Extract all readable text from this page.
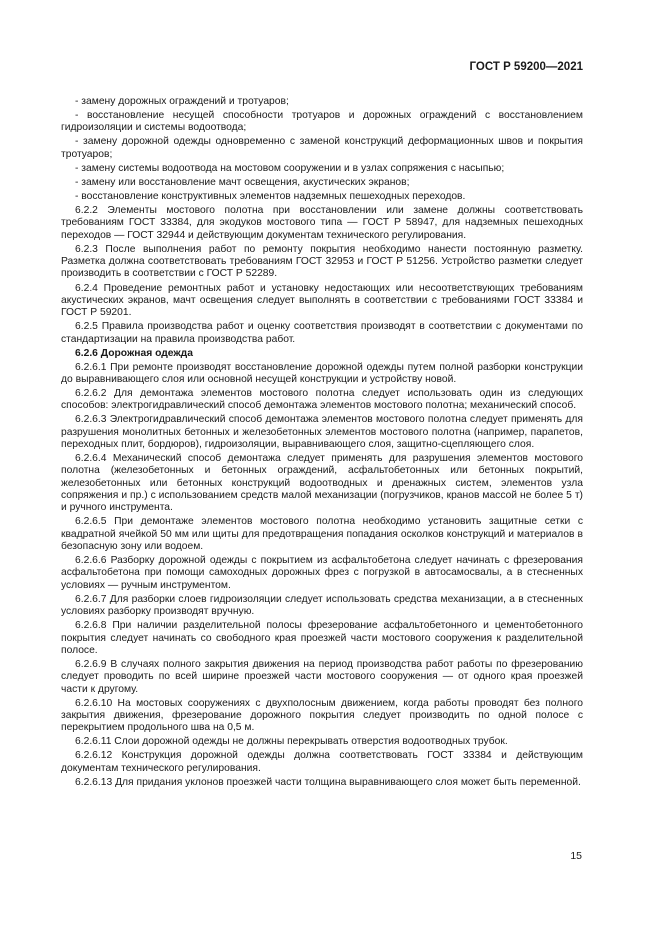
ГОСТ Р 59200—2021

- замену дорожных ограждений и тротуаров;

- восстановление несущей способности тротуаров и дорожных ограждений с восстановлением гидроизоляции и системы водоотвода;

- замену дорожной одежды одновременно с заменой конструкций деформационных швов и покрытия тротуаров;

- замену системы водоотвода на мостовом сооружении и в узлах сопряжения с насыпью;

- замену или восстановление мачт освещения, акустических экранов;

- восстановление конструктивных элементов надземных пешеходных переходов.

6.2.2 Элементы мостового полотна при восстановлении или замене должны соответствовать требованиям ГОСТ 33384, для экодуков мостового типа — ГОСТ Р 58947, для надземных пешеходных переходов — ГОСТ 32944 и действующим документам технического регулирования.

6.2.3 После выполнения работ по ремонту покрытия необходимо нанести постоянную разметку. Разметка должна соответствовать требованиям ГОСТ 32953 и ГОСТ Р 51256. Устройство разметки следует производить в соответствии с ГОСТ Р 52289.

6.2.4 Проведение ремонтных работ и установку недостающих или несоответствующих требованиям акустических экранов, мачт освещения следует выполнять в соответствии с требованиями ГОСТ 33384 и ГОСТ Р 59201.

6.2.5 Правила производства работ и оценку соответствия производят в соответствии с документами по стандартизации на правила производства работ.

6.2.6 Дорожная одежда

6.2.6.1 При ремонте производят восстановление дорожной одежды путем полной разборки конструкции до выравнивающего слоя или основной несущей конструкции и устройству новой.

6.2.6.2 Для демонтажа элементов мостового полотна следует использовать один из следующих способов: электрогидравлический способ демонтажа элементов мостового полотна; механический способ.

6.2.6.3 Электрогидравлический способ демонтажа элементов мостового полотна следует применять для разрушения монолитных бетонных и железобетонных элементов мостового полотна (например, парапетов, переходных плит, бордюров), гидроизоляции, выравнивающего слоя, защитно-сцепляющего слоя.

6.2.6.4 Механический способ демонтажа следует применять для разрушения элементов мостового полотна (железобетонных и бетонных ограждений, асфальтобетонных или бетонных покрытий, железобетонных или бетонных конструкций водоотводных и дренажных систем, элементов узла сопряжения и пр.) с использованием средств малой механизации (погрузчиков, кранов массой не более 5 т) и ручного инструмента.

6.2.6.5 При демонтаже элементов мостового полотна необходимо установить защитные сетки с квадратной ячейкой 50 мм или щиты для предотвращения попадания осколков конструкций и материалов в безопасную зону или водоем.

6.2.6.6 Разборку дорожной одежды с покрытием из асфальтобетона следует начинать с фрезерования асфальтобетона при помощи самоходных дорожных фрез с погрузкой в автосамосвалы, а в стесненных условиях — ручным инструментом.

6.2.6.7 Для разборки слоев гидроизоляции следует использовать средства механизации, а в стесненных условиях разборку производят вручную.

6.2.6.8 При наличии разделительной полосы фрезерование асфальтобетонного и цементобетонного покрытия следует начинать со свободного края проезжей части мостового сооружения к разделительной полосе.

6.2.6.9 В случаях полного закрытия движения на период производства работ работы по фрезерованию следует проводить по всей ширине проезжей части мостового сооружения — от одного края проезжей части к другому.

6.2.6.10 На мостовых сооружениях с двухполосным движением, когда работы проводят без полного закрытия движения, фрезерование дорожного покрытия следует производить по одной полосе с перекрытием продольного шва на 0,5 м.

6.2.6.11 Слои дорожной одежды не должны перекрывать отверстия водоотводных трубок.

6.2.6.12 Конструкция дорожной одежды должна соответствовать ГОСТ 33384 и действующим документам технического регулирования.

6.2.6.13 Для придания уклонов проезжей части толщина выравнивающего слоя может быть переменной.

15
